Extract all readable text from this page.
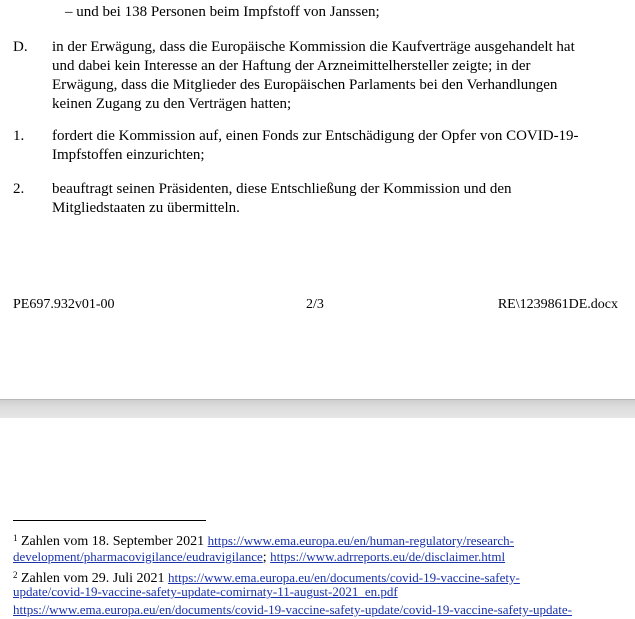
– und bei 138 Personen beim Impfstoff von Janssen;
D. in der Erwägung, dass die Europäische Kommission die Kaufverträge ausgehandelt hat
und dabei kein Interesse an der Haftung der Arzneimittelhersteller zeigte; in der
Erwägung, dass die Mitglieder des Europäischen Parlaments bei den Verhandlungen
keinen Zugang zu den Verträgen hatten;
1. fordert die Kommission auf, einen Fonds zur Entschädigung der Opfer von COVID-19-
Impfstoffen einzurichten;
2. beauftragt seinen Präsidenten, diese Entschließung der Kommission und den
Mitgliedstaaten zu übermitteln.
PE697.932v01-00	2/3	RE\1239861DE.docx
$^1$ Zahlen vom 18. September 2021 https://www.ema.europa.eu/en/human-regulatory/research-
development/pharmacovigilance/eudravigilance; https://www.adrreports.eu/de/disclaimer.html
$^2$ Zahlen vom 29. Juli 2021 https://www.ema.europa.eu/en/documents/covid-19-vaccine-safety-
update/covid-19-vaccine-safety-update-comirnaty-11-august-2021_en.pdf
https://www.ema.europa.eu/en/documents/covid-19-vaccine-safety-update/covid-19-vaccine-safety-update-
